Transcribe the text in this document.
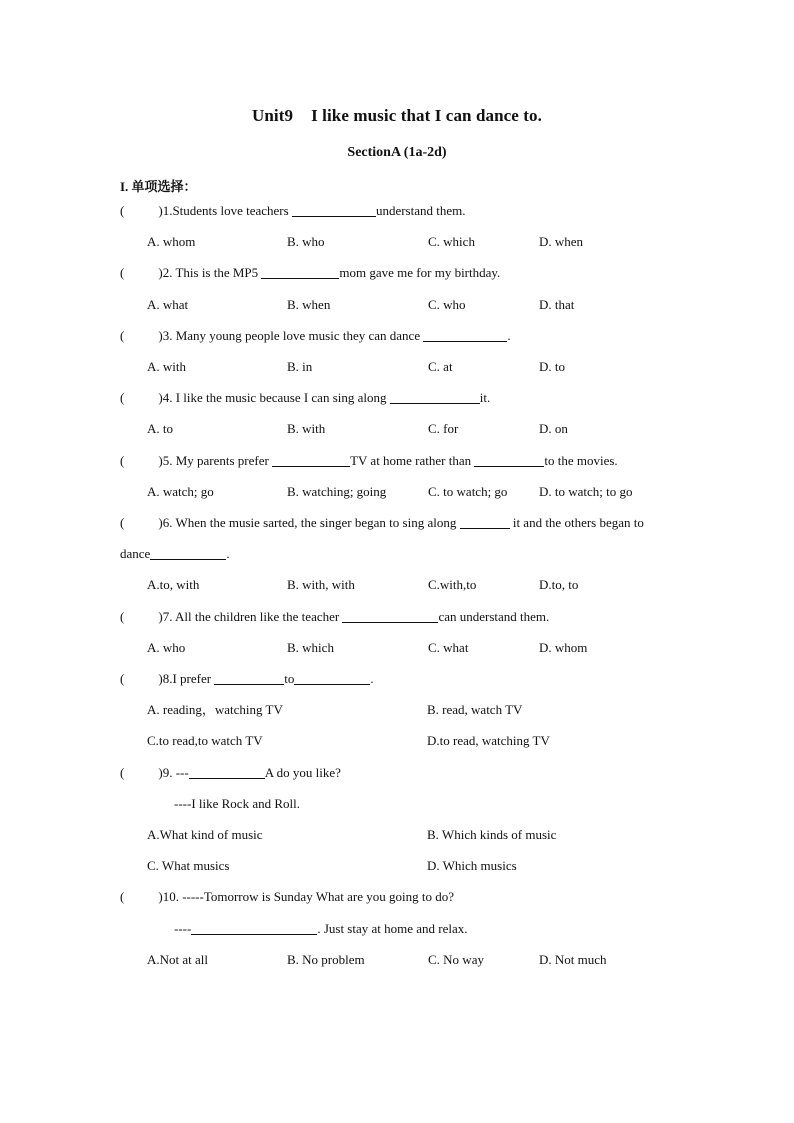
Unit9 I like music that I can dance to.
SectionA (1a-2d)
I. 单项选择：
(	)1.Students love teachers	understand them.
A. whom	B. who	C. which	D. when
(	)2. This is the MP5	mom gave me for my birthday.
A. what	B. when	C. who	D. that
(	)3. Many young people love music they can dance	.
A. with	B. in	C. at	D. to
(	)4. I like the music because I can sing along	it.
A. to	B. with	C. for	D. on
(	)5. My parents prefer	TV at home rather than	to the movies.
A. watch; go	B. watching; going	C. to watch; go D. to watch; to go
(	)6. When the musie sarted, the singer began to sing along	it and the others began to
dance	.
A.to, with	B. with, with	C.with,to	D.to, to
(	)7. All the children like the teacher	can understand them.
A. who	B. which	C. what	D. whom
(	)8.I prefer	to	.
A. reading，watching TV	B. read, watch TV
C.to read,to watch TV	D.to read, watching TV
(	)9. ---	A do you like?
----I like Rock and Roll.
A.What kind of music	B. Which kinds of music
C. What musics	D. Which musics
(	)10. -----Tomorrow is Sunday What are you going to do?
----	. Just stay at home and relax.
A.Not at all	B. No problem	C. No way	D. Not much
